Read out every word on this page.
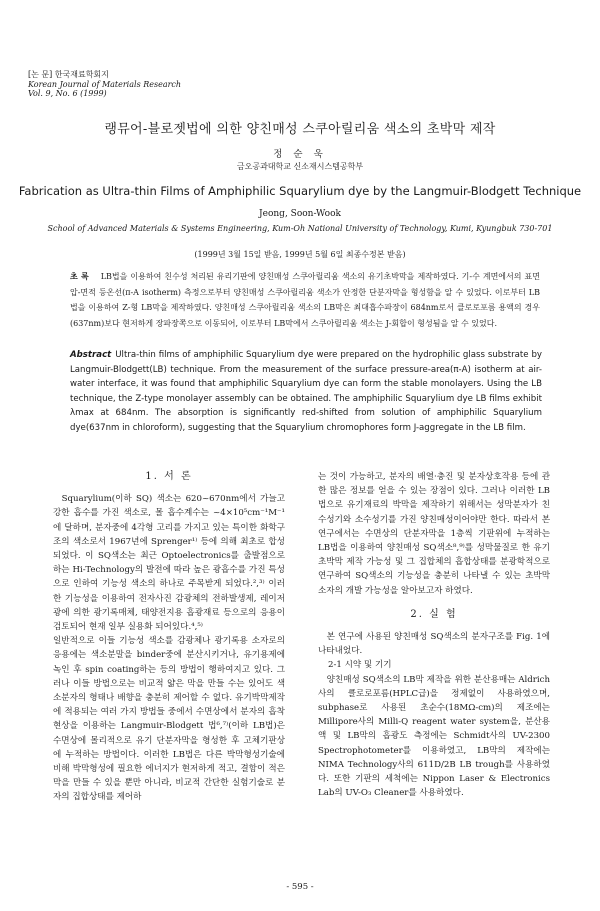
[논 문] 한국재료학회지
Korean Journal of Materials Research
Vol. 9, No. 6 (1999)
랭뮤어-블로젯법에 의한 양친매성 스쿠아릴리움 색소의 초박막 제작
정 순 욱
금오공과대학교 신소재시스템공학부
Fabrication as Ultra-thin Films of Amphiphilic Squarylium dye by the Langmuir-Blodgett Technique
Jeong, Soon-Wook
School of Advanced Materials & Systems Engineering, Kum-Oh National University of Technology, Kumi, Kyungbuk 730-701
(1999년 3월 15일 받음, 1999년 5월 6일 최종수정본 받음)
초 록 LB법을 이용하여 친수성 처리된 유리기판에 양친매성 스쿠아릴리움 색소의 유기초박막을 제작하였다. 기-수 계면에서의 표면압-면적 등온선(π-A isotherm) 측정으로부터 양친매성 스쿠아릴리움 색소가 안정한 단분자막을 형성함을 알 수 있었다. 이로부터 LB법을 이용하여 Z-형 LB막을 제작하였다. 양친매성 스쿠아릴리움 색소의 LB막은 최대흡수파장이 684nm로서 클로로포름 용액의 경우(637nm)보다 현저하게 장파장쪽으로 이동되어, 이로부터 LB막에서 스쿠아릴리움 색소는 J-회합이 형성됨을 알 수 있었다.
Abstract Ultra-thin films of amphiphilic Squarylium dye were prepared on the hydrophilic glass substrate by Langmuir-Blodgett(LB) technique. From the measurement of the surface pressure-area(π-A) isotherm at air-water interface, it was found that amphiphilic Squarylium dye can form the stable monolayers. Using the LB technique, the Z-type monolayer assembly can be obtained. The amphiphilic Squarylium dye LB films exhibit λmax at 684nm. The absorption is significantly red-shifted from solution of amphiphilic Squarylium dye(637nm in chloroform), suggesting that the Squarylium chromophores form J-aggregate in the LB film.
1. 서 론

Squarylium(이하 SQ) 색소는 620~670nm에서 가늘고 강한 흡수를 가진 색소로, 몰 흡수계수는 ~4×10⁵cm⁻¹M⁻¹에 달하며, 분자중에 4각형 고리를 가지고 있는 특이한 화학구조의 색소로서 1967년에 Sprenger¹⁾ 등에 의해 최초로 합성되었다. 이 SQ색소는 최근 Optoelectronics를 출발점으로 하는 Hi-Technology의 발전에 따라 높은 광흡수를 가진 특성으로 인하여 기능성 색소의 하나로 주목받게 되었다.²,³⁾ 이러한 기능성을 이용하여 전자사진 감광체의 전하발생제, 레이저광에 의한 광기록매체, 태양전지용 흡광재료 등으로의 응용이 검토되어 현재 일부 실용화 되어있다.⁴,⁵⁾

일반적으로 이들 기능성 색소를 감광체나 광기록용 소자로의 응용에는 색소분말을 binder중에 분산시키거나, 유기용제에 녹인 후 spin coating하는 등의 방법이 행하여지고 있다. 그러나 이들 방법으로는 비교적 얇은 막을 만들 수는 있어도 색소분자의 형태나 배향을 충분히 제어할 수 없다. 유기박막제작에 적용되는 여러 가지 방법들 중에서 수면상에서 분자의 흡착현상을 이용하는 Langmuir-Blodgett 법⁶,⁷⁾(이하 LB법)은 수면상에 몰리적으로 유기 단분자막을 형성한 후 고체기판상에 누적하는 방법이다. 이러한 LB법은 다른 박막형성기술에 비해 박막형성에 필요한 에너지가 현저하게 적고, 결함이 적은 막을 만들 수 있을 뿐만 아니라, 비교적 간단한 실험기술로 분자의 집합상태를 제어하

는 것이 가능하고, 분자의 배열·충진 및 분자상호작용 등에 관한 많은 정보를 얻을 수 있는 장점이 있다. 그러나 이러한 LB법으로 유기재료의 박막을 제작하기 위해서는 성막분자가 친수성기와 소수성기를 가진 양친매성이어야만 한다. 따라서 본 연구에서는 수면상의 단분자막을 1층씩 기판위에 누적하는 LB법을 이용하여 양친매성 SQ색소⁸,⁹⁾를 성막물질로 한 유기초박막 제작 가능성 및 그 집합체의 흡합상태를 분광학적으로 연구하여 SQ색소의 기능성을 충분히 나타낼 수 있는 초박막 소자의 개발 가능성을 알아보고자 하였다.

2. 실 험

본 연구에 사용된 양친매성 SQ색소의 분자구조를 Fig. 1에 나타내었다.

2-1 시약 및 기기

양친매성 SQ색소의 LB막 제작을 위한 분산용매는 Aldrich사의 클로로포름(HPLC급)을 정제없이 사용하였으며, subphase로 사용된 초순수(18MΩ-cm)의 제조에는 Millipore사의 Milli-Q reagent water system을, 분산용액 및 LB막의 흡광도 측정에는 Schmidt사의 UV-2300 Spectrophotometer를 이용하였고, LB막의 제작에는 NIMA Technology사의 611D/2B LB trough를 사용하였다. 또한 기판의 세척에는 Nippon Laser & Electronics Lab의 UV-O₃ Cleaner를 사용하였다.

- 595 -
